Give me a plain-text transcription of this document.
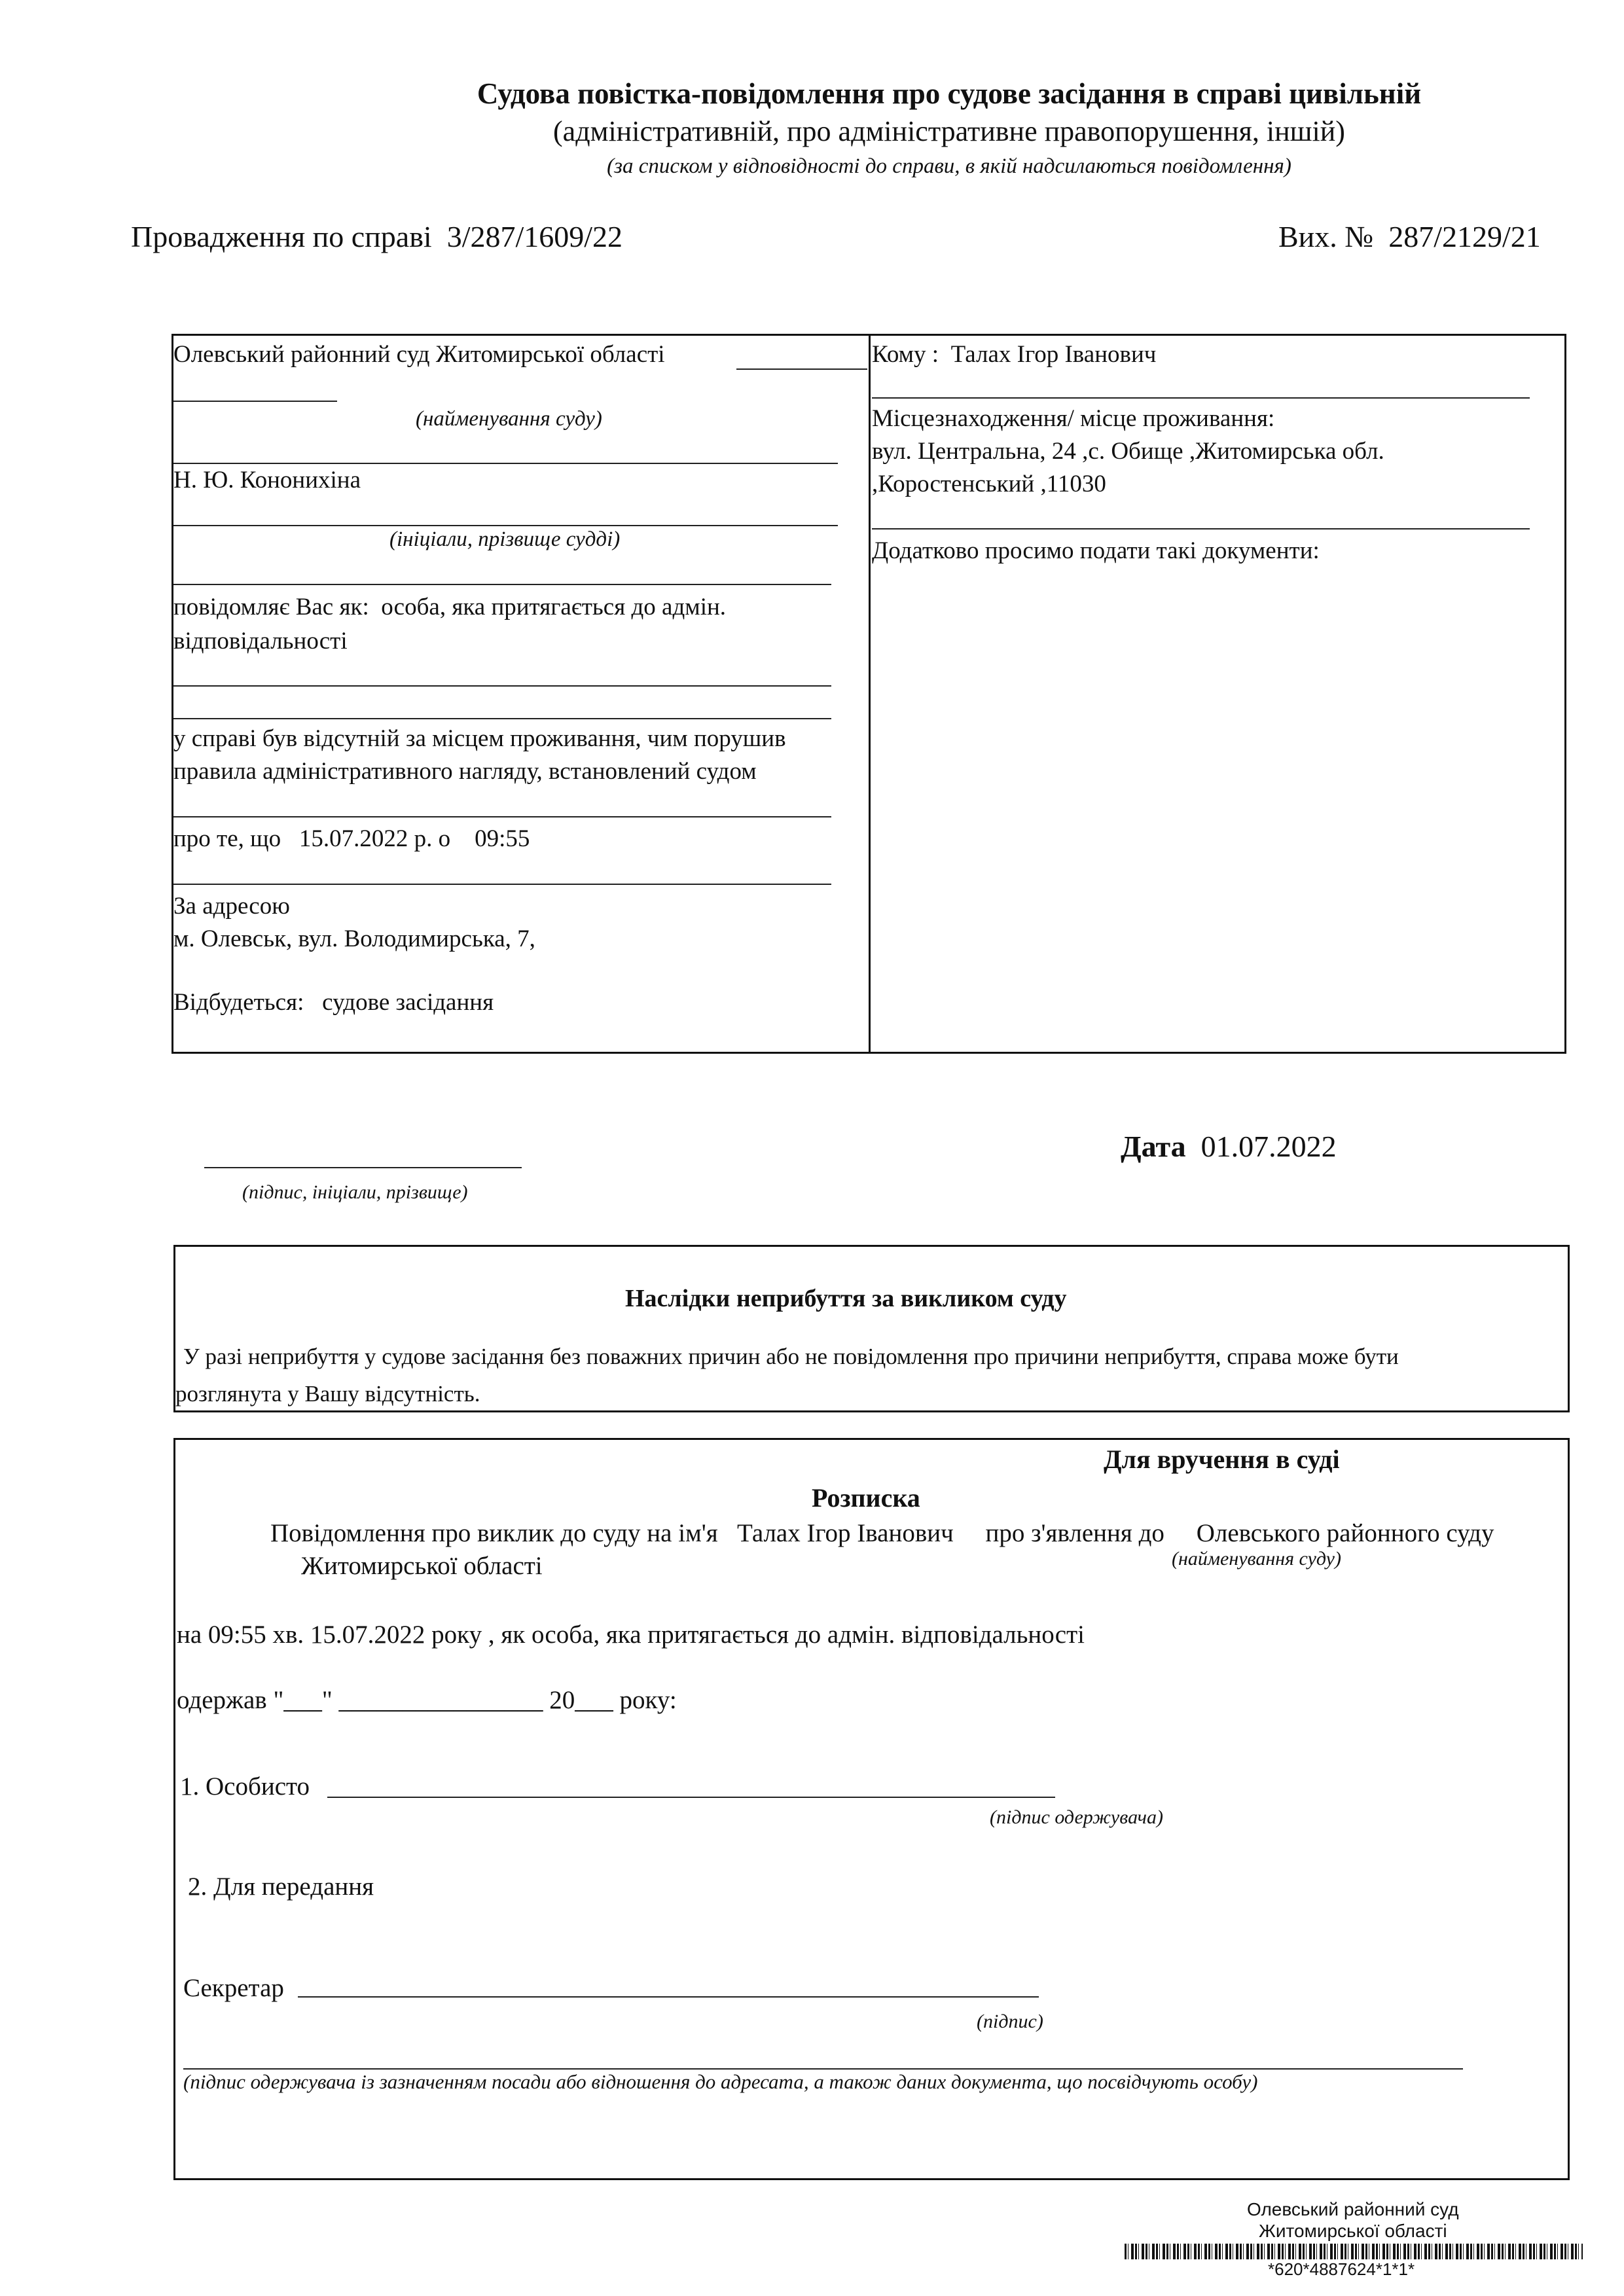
Судова повістка-повідомлення про судове засідання в справі цивільній
(адміністративній, про адміністративне правопорушення, іншій)
(за списком у відповідності до справи, в якій надсилаються повідомлення)
Провадження по справі 3/287/1609/22	Вих. № 287/2129/21
Олевський районний суд Житомирської області
(найменування суду)
Н. Ю. Кононихіна
(ініціали, прізвище судді)
повідомляє Вас як: особа, яка притягається до адмін.
відповідальності
у справі був відсутній за місцем проживання, чим порушив
правила адміністративного нагляду, встановлений судом
про те, що 15.07.2022 р. о 09:55
За адресою
м. Олевськ, вул. Володимирська, 7,
Відбудеться: судове засідання
Кому : Талах Ігор Іванович
Місцезнаходження/ місце проживання:
вул. Центральна, 24 ,с. Обище ,Житомирська обл.
,Коростенський ,11030
Додатково просимо подати такі документи:
(підпис, ініціали, прізвище)
Дата 01.07.2022
Наслідки неприбуття за викликом суду
У разі неприбуття у судове засідання без поважних причин або не повідомлення про причини неприбуття, справа може бути
розглянута у Вашу відсутність.
Для вручення в суді
Розписка
Повідомлення про виклик до суду на ім'я Талах Ігор Іванович про з'явлення до Олевського районного суду
Житомирської області	(найменування суду)
на 09:55 хв. 15.07.2022 року , як особа, яка притягається до адмін. відповідальності
одержав "___" ________________ 20___ року:
1. Особисто
(підпис одержувача)
2. Для передання
Секретар
(підпис)
(підпис одержувача із зазначенням посади або відношення до адресата, а також даних документа, що посвідчують особу)
Олевський районний суд
Житомирської області
*620*4887624*1*1*
